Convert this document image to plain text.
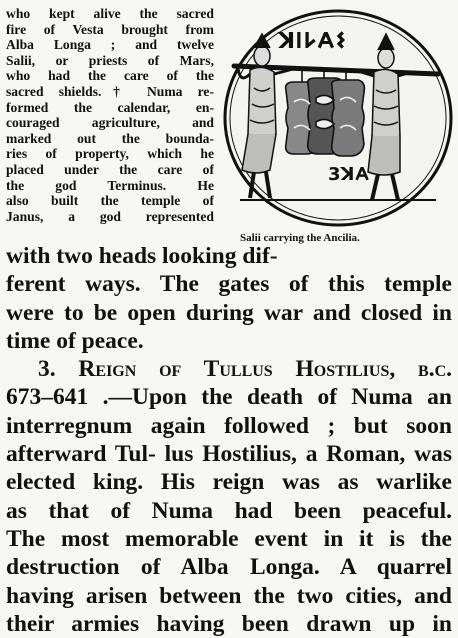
who kept alive the sacred
fire of Vesta brought from
Alba Longa ; and twelve
Salii, or priests of Mars,
who had the care of the
sacred shields.† Numa re-
formed the calendar, en-
couraged agriculture, and
marked out the bounda-
ries of property, which he
placed under the care of
the god Terminus. He
also built the temple of
Janus, a god represented
ꓘ𐌉𐌋𐌀𐌔
3ꓘ𐌀
Salii carrying the Ancilia.
with two heads looking dif-
ferent ways. The gates of this temple
were to be open during war and closed in
time of peace.
3. Reign of Tullus Hostilius, b.c.
673–641 .—Upon the death of Numa an
interregnum again followed ; but soon
afterward Tul- lus Hostilius, a Roman, was
elected king. His reign was as warlike
as that of Numa had been peaceful.
The most memorable event in it is the
destruction of Alba Longa. A quarrel
having arisen between the two cities, and
their armies having been drawn up in
